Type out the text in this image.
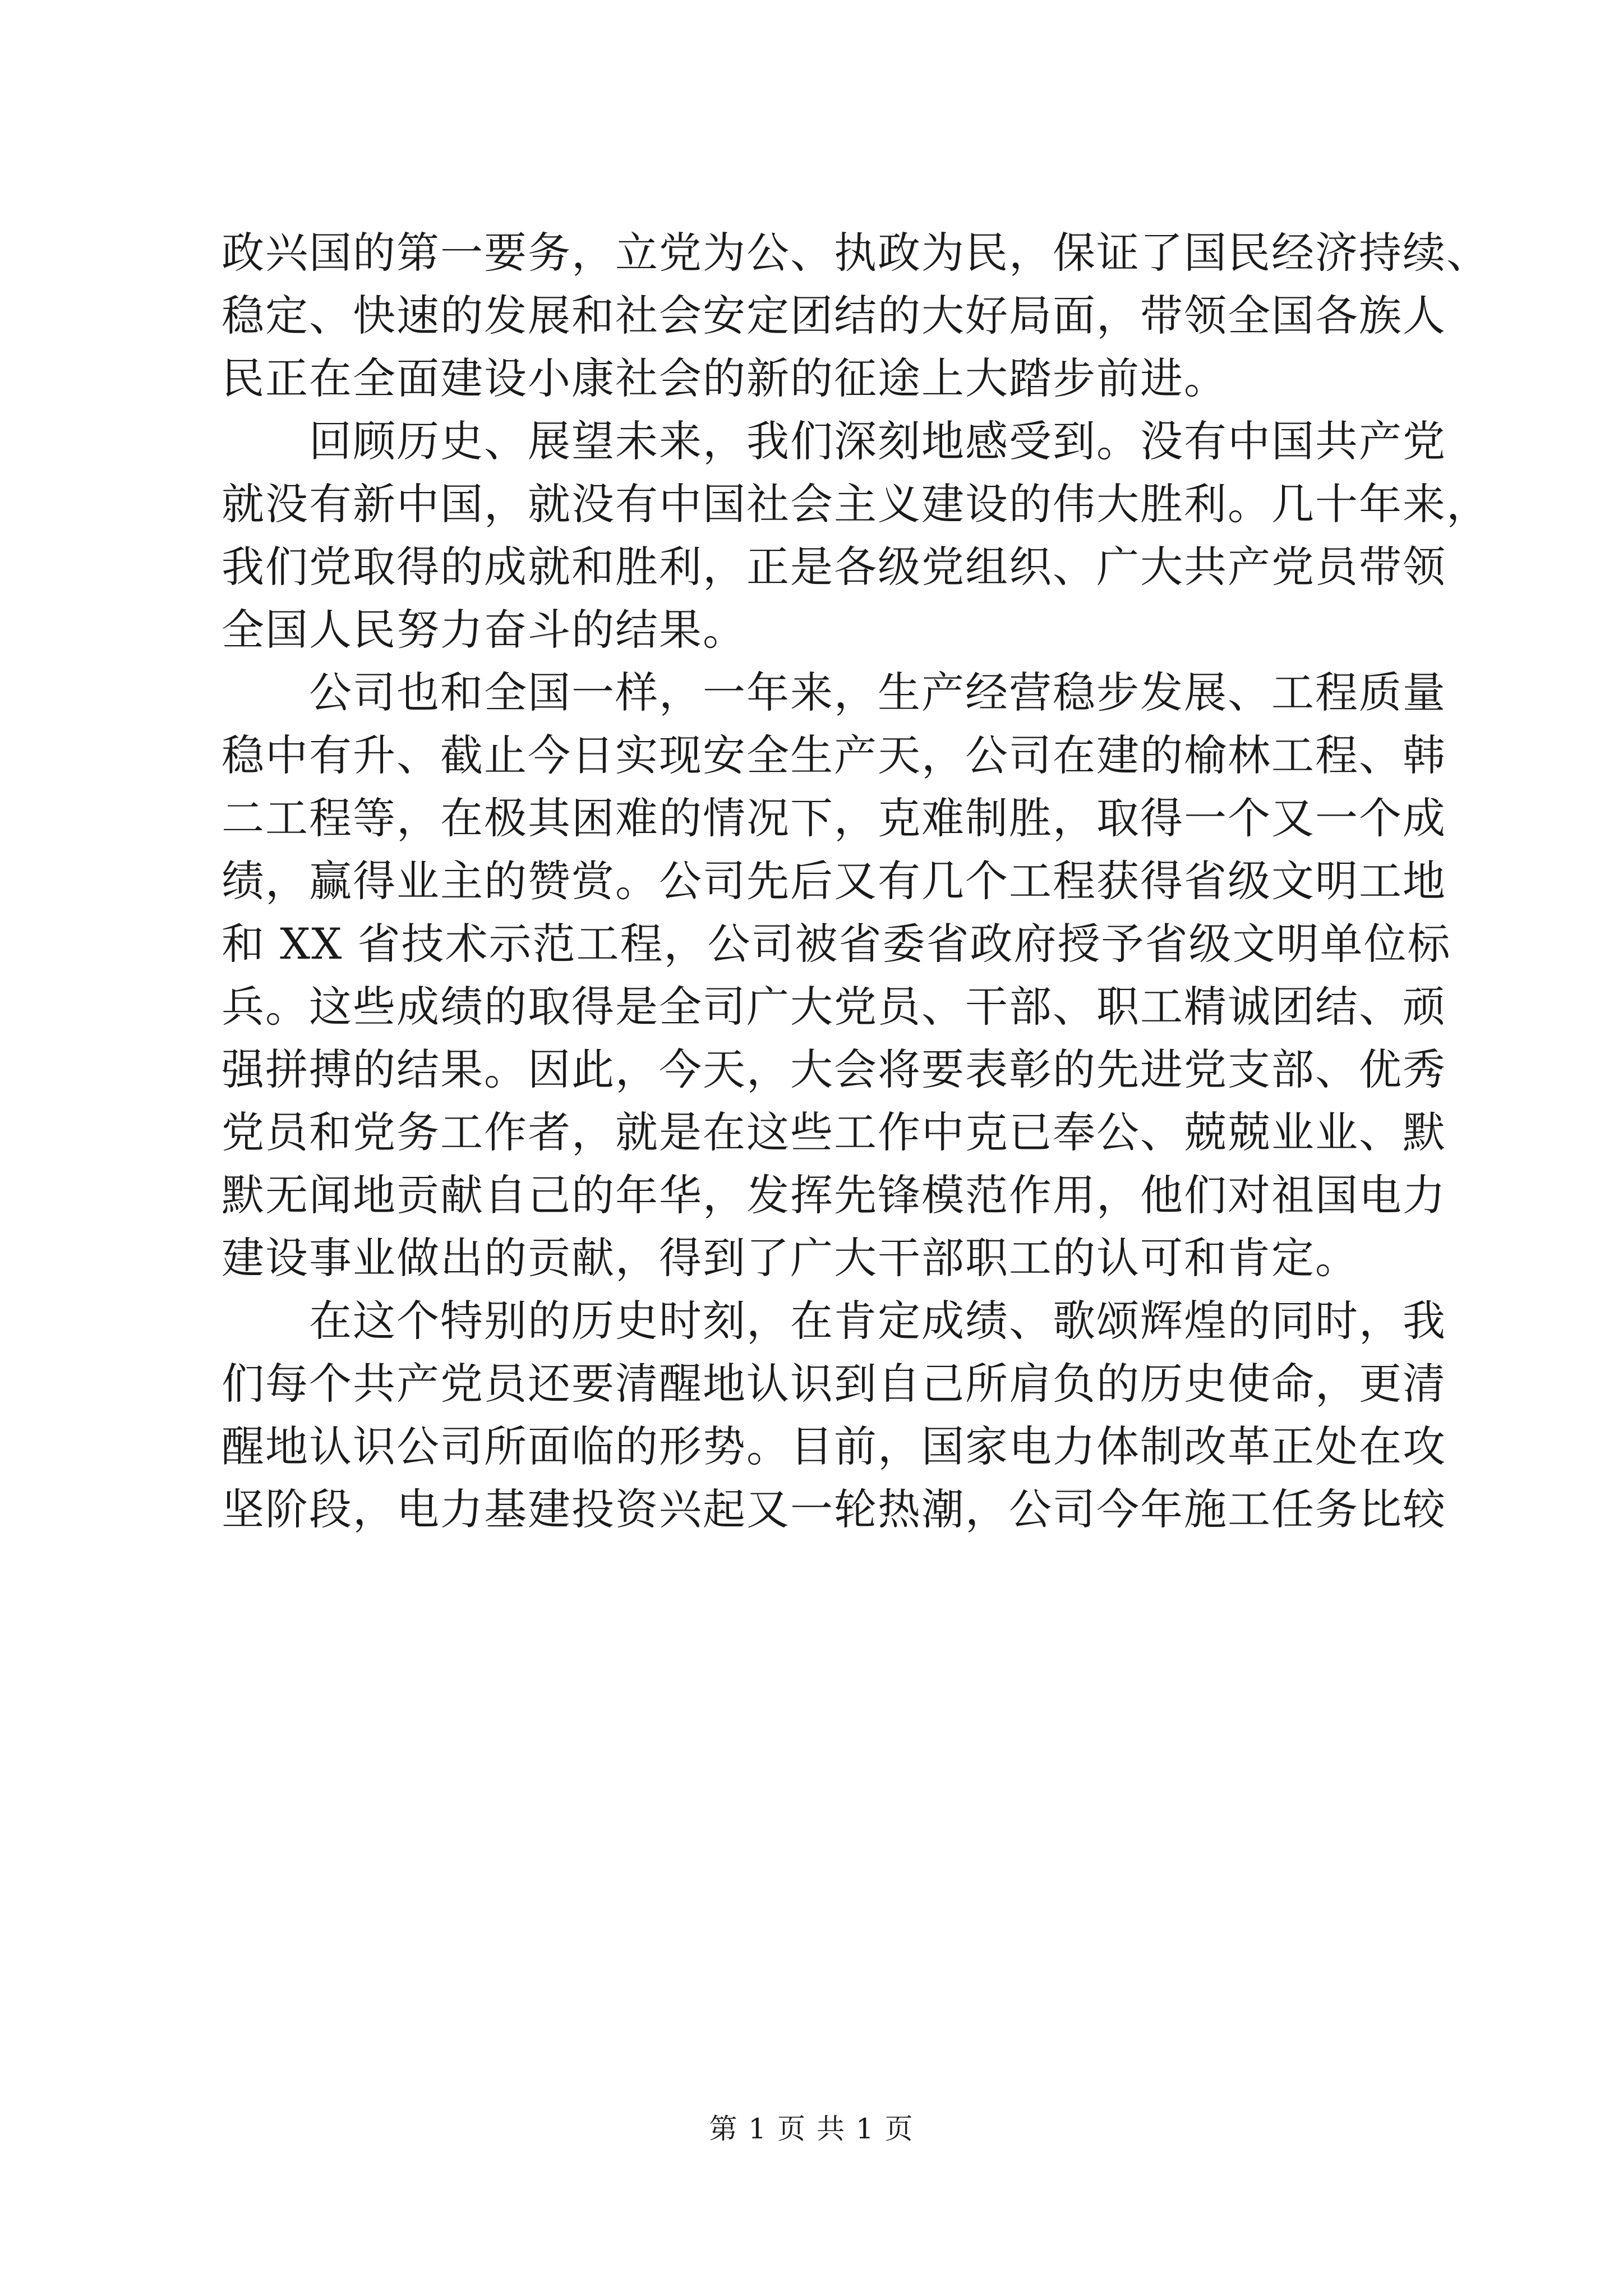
政兴国的第一要务，立党为公、执政为民，保证了国民经济持续、
稳定、快速的发展和社会安定团结的大好局面，带领全国各族人
民正在全面建设小康社会的新的征途上大踏步前进。
　　回顾历史、展望未来，我们深刻地感受到。没有中国共产党
就没有新中国，就没有中国社会主义建设的伟大胜利。几十年来，
我们党取得的成就和胜利，正是各级党组织、广大共产党员带领
全国人民努力奋斗的结果。
　　公司也和全国一样，一年来，生产经营稳步发展、工程质量
稳中有升、截止今日实现安全生产天，公司在建的榆林工程、韩
二工程等，在极其困难的情况下，克难制胜，取得一个又一个成
绩，赢得业主的赞赏。公司先后又有几个工程获得省级文明工地
和 XX 省技术示范工程，公司被省委省政府授予省级文明单位标
兵。这些成绩的取得是全司广大党员、干部、职工精诚团结、顽
强拼搏的结果。因此，今天，大会将要表彰的先进党支部、优秀
党员和党务工作者，就是在这些工作中克已奉公、兢兢业业、默
默无闻地贡献自己的年华，发挥先锋模范作用，他们对祖国电力
建设事业做出的贡献，得到了广大干部职工的认可和肯定。
　　在这个特别的历史时刻，在肯定成绩、歌颂辉煌的同时，我
们每个共产党员还要清醒地认识到自己所肩负的历史使命，更清
醒地认识公司所面临的形势。目前，国家电力体制改革正处在攻
坚阶段，电力基建投资兴起又一轮热潮，公司今年施工任务比较
第 1 页 共 1 页
